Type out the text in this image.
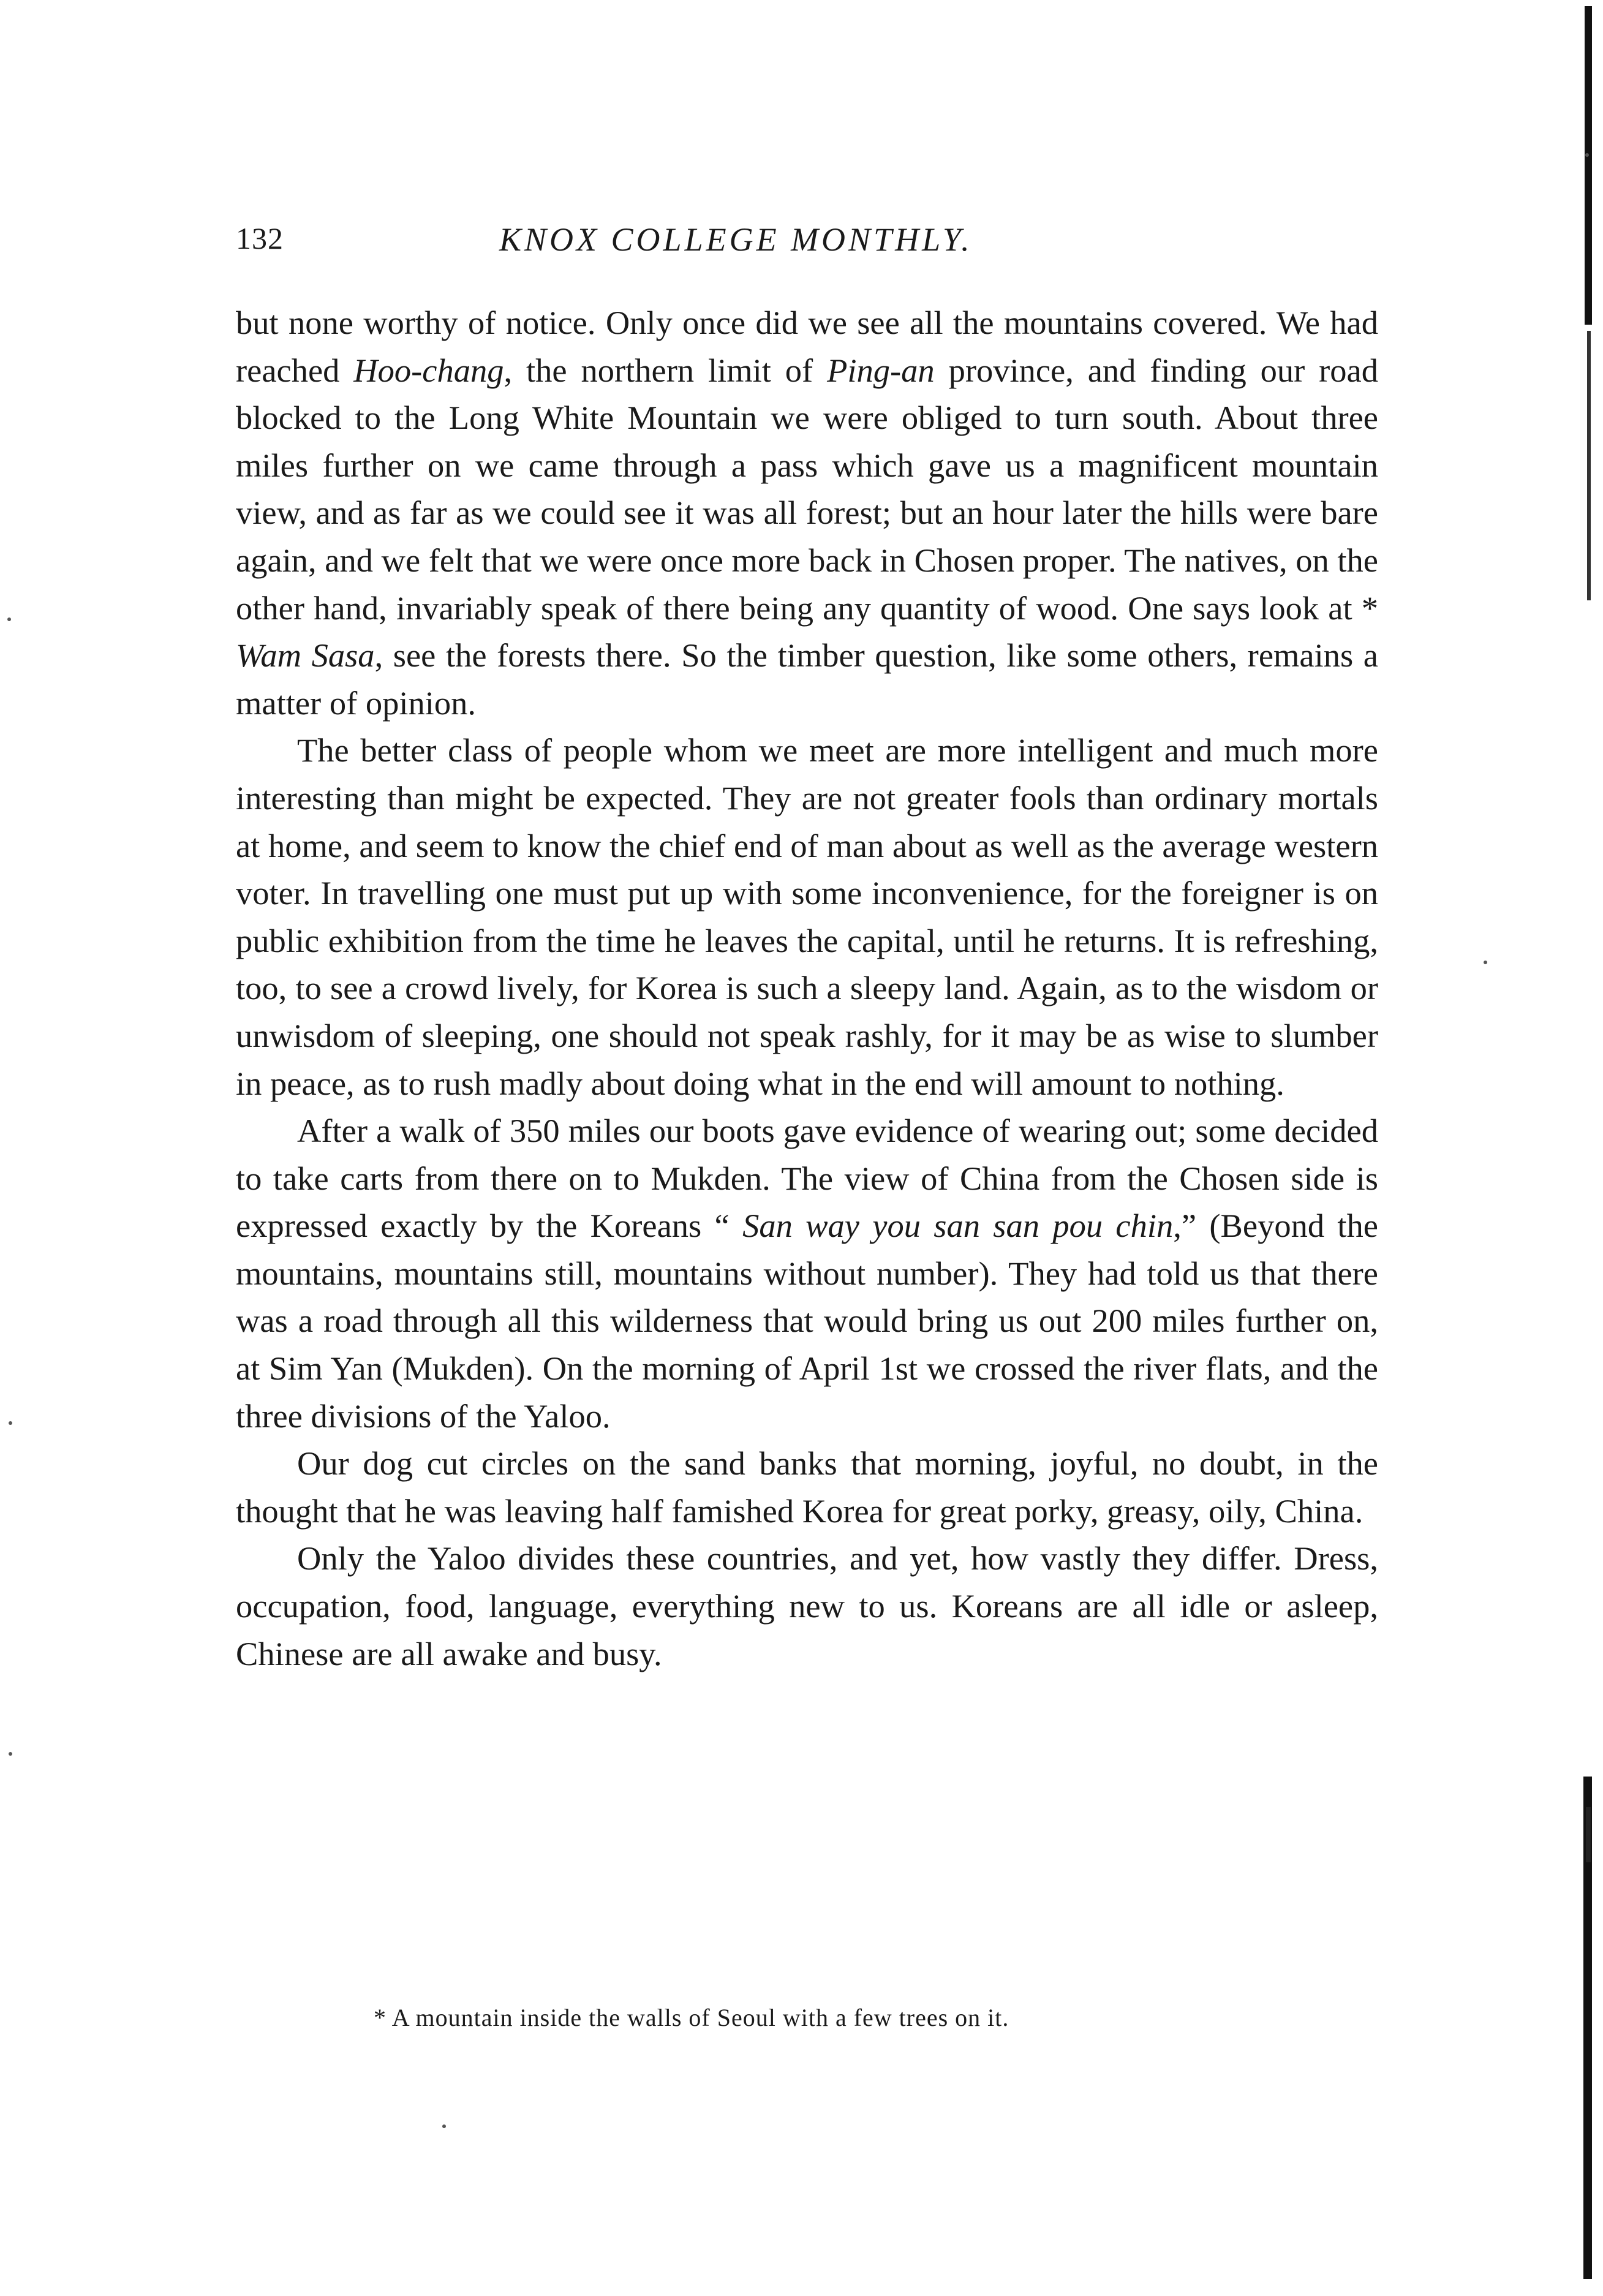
132	KNOX COLLEGE MONTHLY.

but none worthy of notice. Only once did we see all the mountains covered. We had reached Hoo-chang, the northern limit of Ping-an province, and finding our road blocked to the Long White Mountain we were obliged to turn south. About three miles further on we came through a pass which gave us a magnificent mountain view, and as far as we could see it was all forest; but an hour later the hills were bare again, and we felt that we were once more back in Chosen proper. The natives, on the other hand, invariably speak of there being any quantity of wood. One says look at * Wam Sasa, see the forests there. So the timber question, like some others, remains a matter of opinion.

The better class of people whom we meet are more intelligent and much more interesting than might be expected. They are not greater fools than ordinary mortals at home, and seem to know the chief end of man about as well as the average western voter. In travelling one must put up with some inconvenience, for the foreigner is on public exhibition from the time he leaves the capital, until he returns. It is refreshing, too, to see a crowd lively, for Korea is such a sleepy land. Again, as to the wisdom or unwisdom of sleeping, one should not speak rashly, for it may be as wise to slumber in peace, as to rush madly about doing what in the end will amount to nothing.

After a walk of 350 miles our boots gave evidence of wearing out; some decided to take carts from there on to Mukden. The view of China from the Chosen side is expressed exactly by the Koreans “ San way you san san pou chin,” (Beyond the mountains, mountains still, mountains without number). They had told us that there was a road through all this wilderness that would bring us out 200 miles further on, at Sim Yan (Mukden). On the morning of April 1st we crossed the river flats, and the three divisions of the Yaloo.

Our dog cut circles on the sand banks that morning, joyful, no doubt, in the thought that he was leaving half famished Korea for great porky, greasy, oily, China.

Only the Yaloo divides these countries, and yet, how vastly they differ. Dress, occupation, food, language, everything new to us. Koreans are all idle or asleep, Chinese are all awake and busy.

* A mountain inside the walls of Seoul with a few trees on it.
